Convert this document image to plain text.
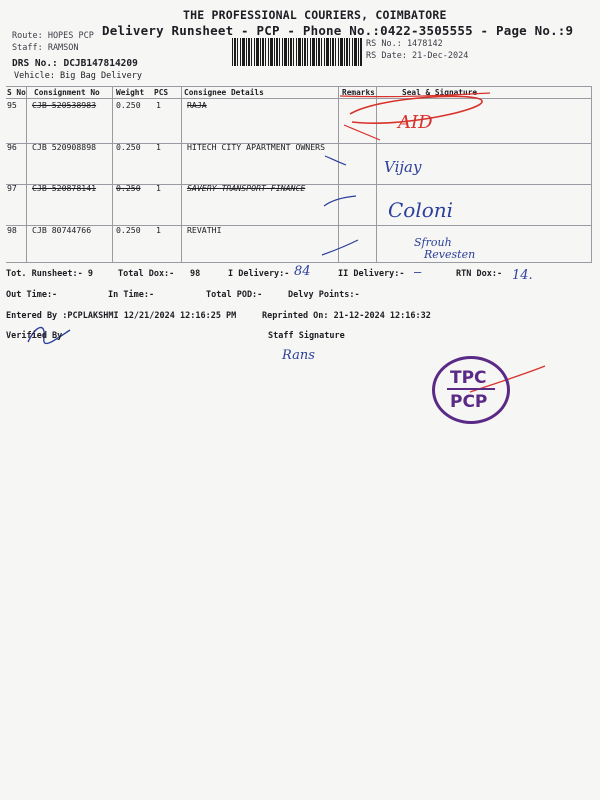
THE PROFESSIONAL COURIERS, COIMBATORE
Delivery Runsheet - PCP - Phone No.:0422-3505555 - Page No.:9
Route: HOPES PCP
Staff: RAMSON	RS No.: 1478142
RS Date: 21-Dec-2024
DRS No.: DCJB147814209
Vehicle: Big Bag Delivery
S No Consignment No Weight PCS Consignee Details	Remarks	Seal & Signature
95 CJB 520538983 0.250 1	RAJA
96 CJB 520908898 0.250 1	HITECH CITY APARTMENT OWNERS
97 CJB 520878141 0.250 1	SAVERY TRANSPORT FINANCE
98 CJB 80744766	0.250 1	REVATHI
AID
Vijay
Coloni
Sfrouh
Revesten
Tot. Runsheet:- 9	Total Dox:- 98	I Delivery:- 84	II Delivery:- —	RTN Dox:- 14.
Out Time:-	In Time:-	Total POD:-	Delvy Points:-
Entered By :PCPLAKSHMI 12/21/2024 12:16:25 PM	Reprinted On: 21-12-2024 12:16:32
Verified By	Staff Signature
Rans
TPC
PCP
